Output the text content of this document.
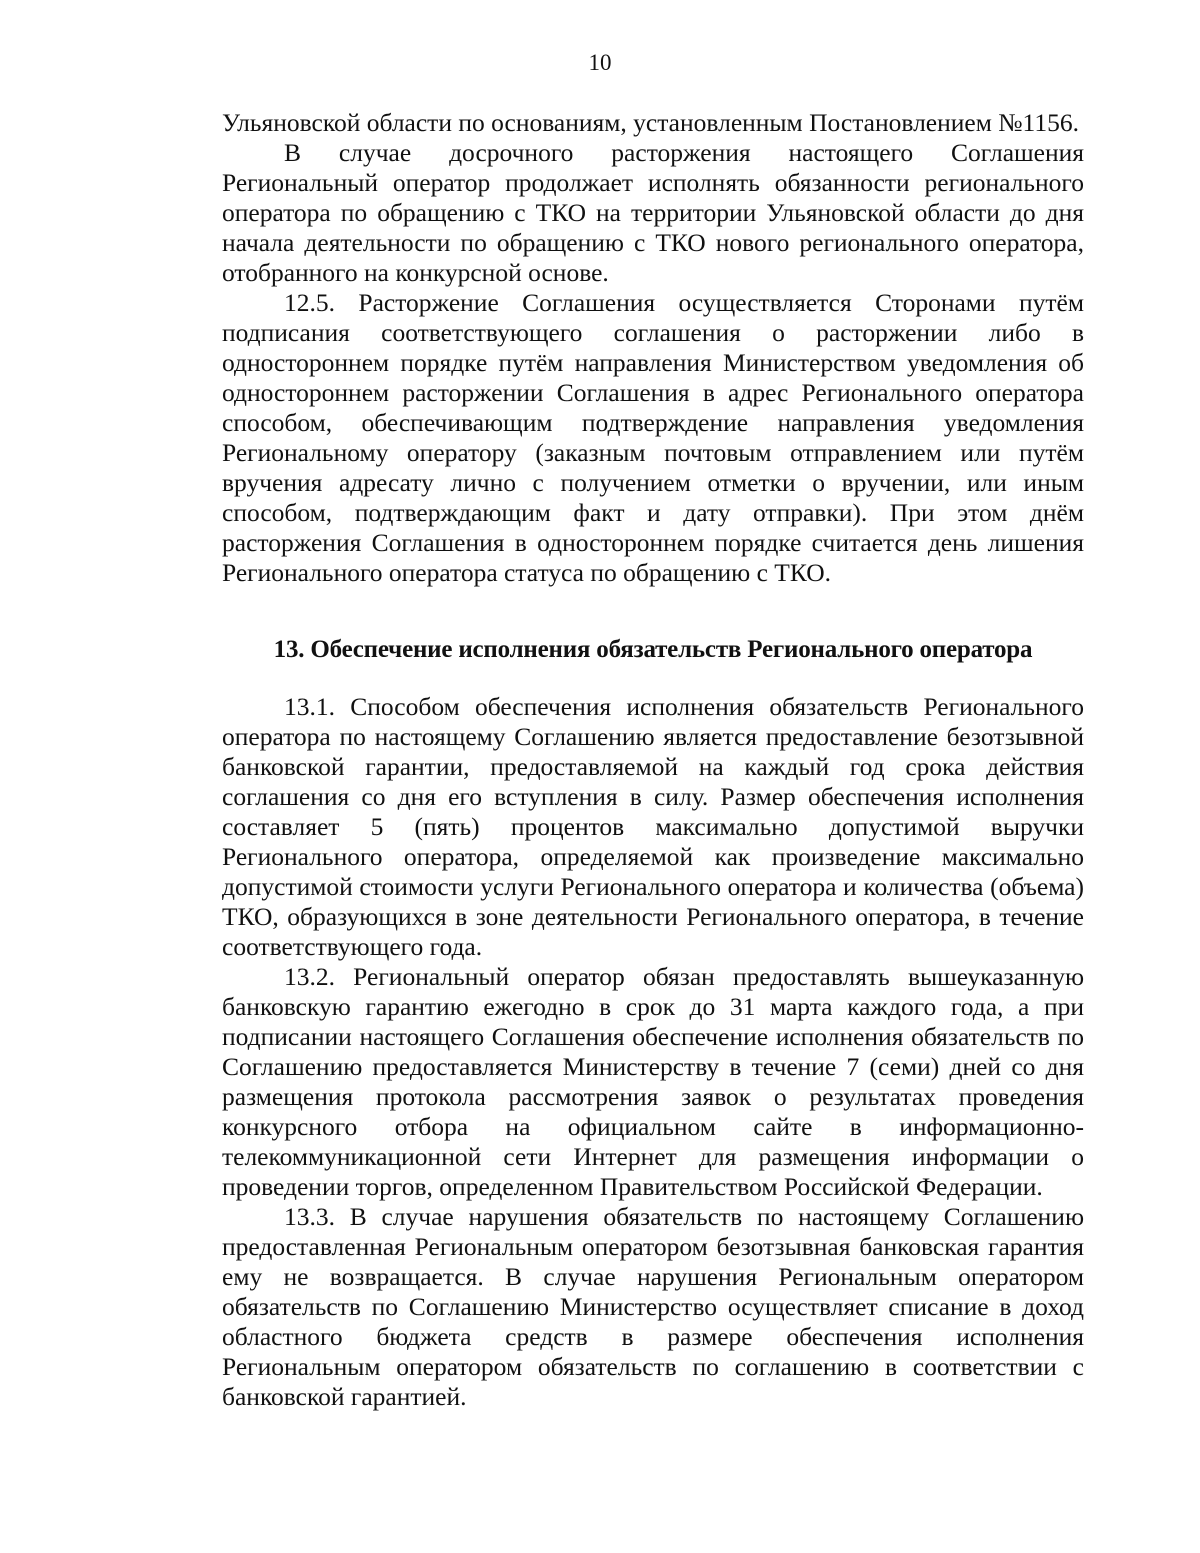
10

Ульяновской области по основаниям, установленным Постановлением №1156.

В случае досрочного расторжения настоящего Соглашения Региональный оператор продолжает исполнять обязанности регионального оператора по обращению с ТКО на территории Ульяновской области до дня начала деятельности по обращению с ТКО нового регионального оператора, отобранного на конкурсной основе.

12.5. Расторжение Соглашения осуществляется Сторонами путём подписания соответствующего соглашения о расторжении либо в одностороннем порядке путём направления Министерством уведомления об одностороннем расторжении Соглашения в адрес Регионального оператора способом, обеспечивающим подтверждение направления уведомления Региональному оператору (заказным почтовым отправлением или путём вручения адресату лично с получением отметки о вручении, или иным способом, подтверждающим факт и дату отправки). При этом днём расторжения Соглашения в одностороннем порядке считается день лишения Регионального оператора статуса по обращению с ТКО.

13. Обеспечение исполнения обязательств Регионального оператора

13.1. Способом обеспечения исполнения обязательств Регионального оператора по настоящему Соглашению является предоставление безотзывной банковской гарантии, предоставляемой на каждый год срока действия соглашения со дня его вступления в силу. Размер обеспечения исполнения составляет 5 (пять) процентов максимально допустимой выручки Регионального оператора, определяемой как произведение максимально допустимой стоимости услуги Регионального оператора и количества (объема) ТКО, образующихся в зоне деятельности Регионального оператора, в течение соответствующего года.

13.2. Региональный оператор обязан предоставлять вышеуказанную банковскую гарантию ежегодно в срок до 31 марта каждого года, а при подписании настоящего Соглашения обеспечение исполнения обязательств по Соглашению предоставляется Министерству в течение 7 (семи) дней со дня размещения протокола рассмотрения заявок о результатах проведения конкурсного отбора на официальном сайте в информационно-телекоммуникационной сети Интернет для размещения информации о проведении торгов, определенном Правительством Российской Федерации.

13.3. В случае нарушения обязательств по настоящему Соглашению предоставленная Региональным оператором безотзывная банковская гарантия ему не возвращается. В случае нарушения Региональным оператором обязательств по Соглашению Министерство осуществляет списание в доход областного бюджета средств в размере обеспечения исполнения Региональным оператором обязательств по соглашению в соответствии с банковской гарантией.
